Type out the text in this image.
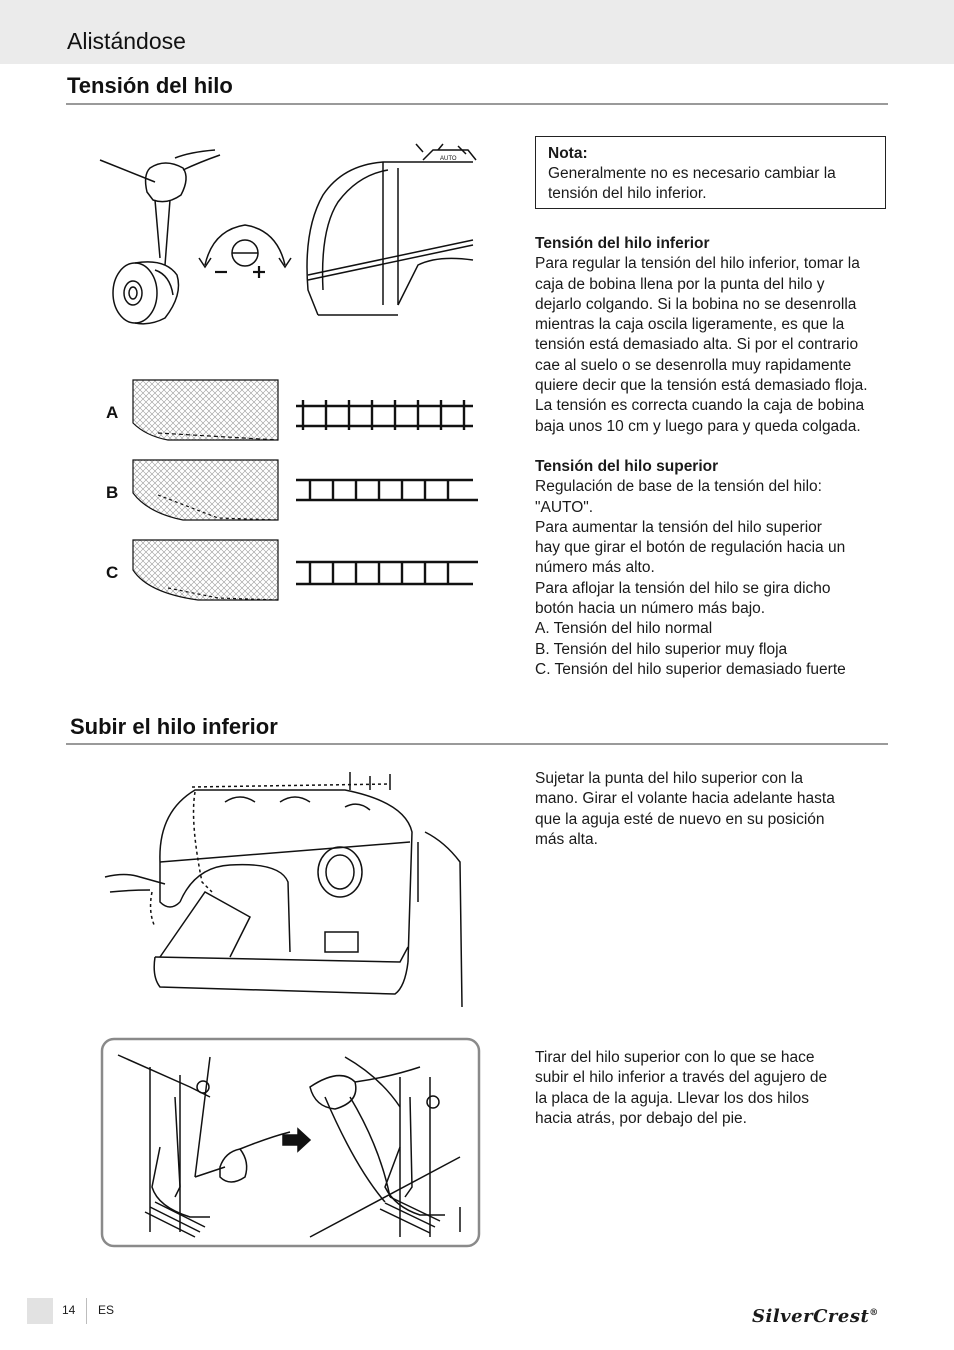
Alistándose
Tensión del hilo
AUTO
A
B
C
Nota:
Generalmente no es necesario cambiar la tensión del hilo inferior.
Tensión del hilo inferior
Para regular la tensión del hilo inferior, tomar la
caja de bobina llena por la punta del hilo y
dejarlo colgando. Si la bobina no se desenrolla
mientras la caja oscila ligeramente, es que la
tensión está demasiado alta. Si por el contrario
cae al suelo o se desenrolla muy rapidamente
quiere decir que la tensión está demasiado floja.
La tensión es correcta cuando la caja de bobina
baja unos 10 cm y luego para y queda colgada.
Tensión del hilo superior
Regulación de base de la tensión del hilo:
"AUTO".
Para aumentar la tensión del hilo superior
hay que girar el botón de regulación hacia un
número más alto.
Para aflojar la tensión del hilo se gira dicho
botón hacia un número más bajo.
A. Tensión del hilo normal
B. Tensión del hilo superior muy floja
C. Tensión del hilo superior demasiado fuerte
Subir el hilo inferior
Sujetar la punta del hilo superior con la
mano. Girar el volante hacia adelante hasta
que la aguja esté de nuevo en su posición
más alta.
Tirar del hilo superior con lo que se hace
subir el hilo inferior a través del agujero de
la placa de la aguja. Llevar los dos hilos
hacia atrás, por debajo del pie.
14 ES	SilverCrest®
